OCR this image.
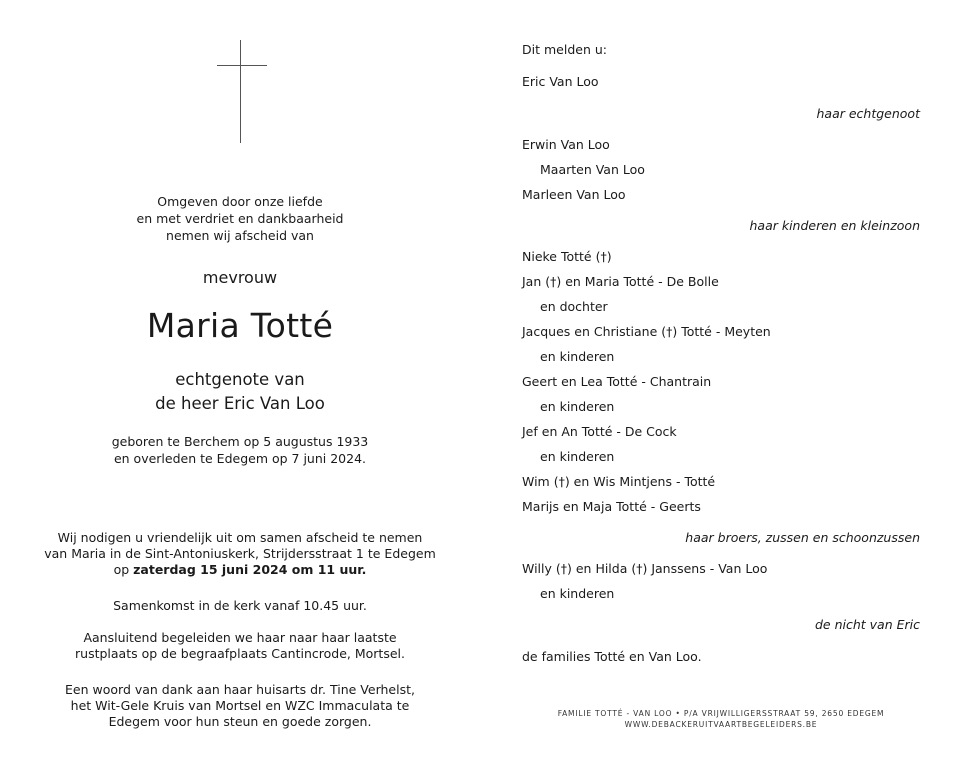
Omgeven door onze liefde
en met verdriet en dankbaarheid
nemen wij afscheid van
mevrouw
Maria Totté
echtgenote van
de heer Eric Van Loo
geboren te Berchem op 5 augustus 1933
en overleden te Edegem op 7 juni 2024.
Wij nodigen u vriendelijk uit om samen afscheid te nemen
van Maria in de Sint-Antoniuskerk, Strijdersstraat 1 te Edegem
op zaterdag 15 juni 2024 om 11 uur.
Samenkomst in de kerk vanaf 10.45 uur.
Aansluitend begeleiden we haar naar haar laatste
rustplaats op de begraafplaats Cantincrode, Mortsel.
Een woord van dank aan haar huisarts dr. Tine Verhelst,
het Wit-Gele Kruis van Mortsel en WZC Immaculata te
Edegem voor hun steun en goede zorgen.
Dit melden u:
Eric Van Loo
haar echtgenoot
Erwin Van Loo
Maarten Van Loo
Marleen Van Loo
haar kinderen en kleinzoon
Nieke Totté (†)
Jan (†) en Maria Totté - De Bolle
en dochter
Jacques en Christiane (†) Totté - Meyten
en kinderen
Geert en Lea Totté - Chantrain
en kinderen
Jef en An Totté - De Cock
en kinderen
Wim (†) en Wis Mintjens - Totté
Marijs en Maja Totté - Geerts
haar broers, zussen en schoonzussen
Willy (†) en Hilda (†) Janssens - Van Loo
en kinderen
de nicht van Eric
de families Totté en Van Loo.
FAMILIE TOTTÉ - VAN LOO • P/A VRIJWILLIGERSSTRAAT 59, 2650 EDEGEM
WWW.DEBACKERUITVAARTBEGELEIDERS.BE
